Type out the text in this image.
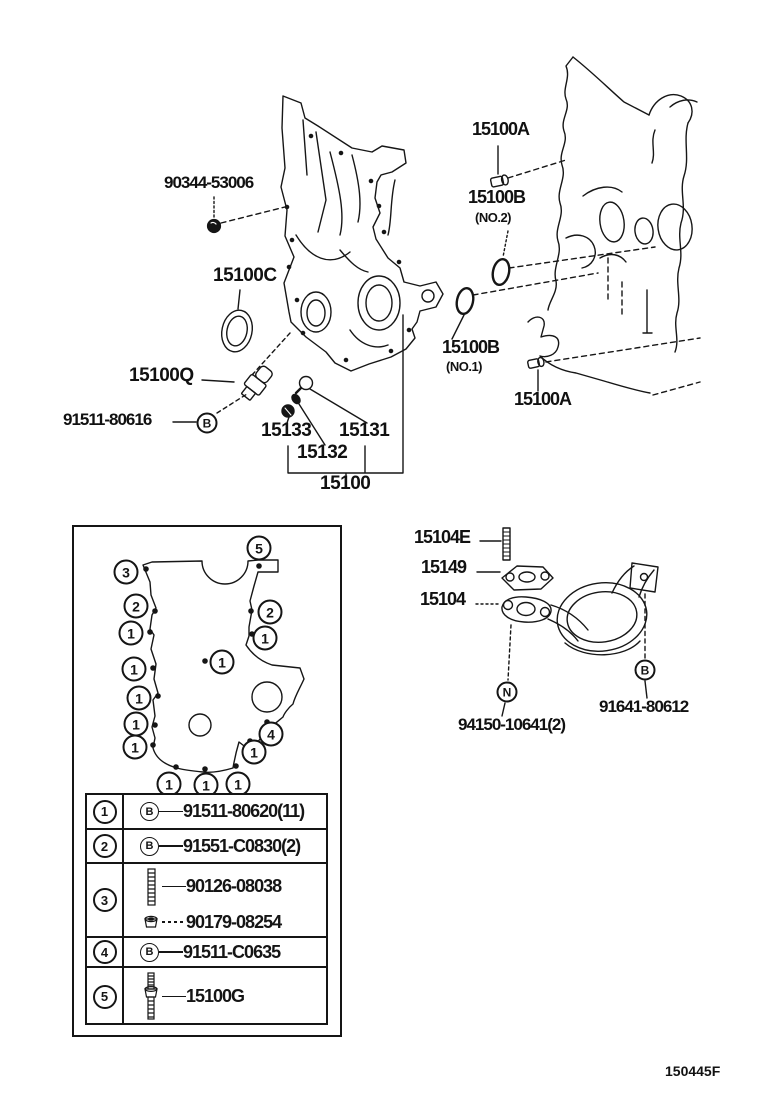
90344-53006
15100C
15100Q
91511-80616
15133 15131
15132
15100
15100A
15100B
(NO.2)
15100B
(NO.1)
15100A
15104E
15149
15104
94150-10641(2)
91641-80612
150445F
B
N
B
3
5
2	2
1	1
1
1
1
1
1
4
1
1	1	1
1	B 91511-80620(11)
2	B 91551-C0830(2)
3
90126-08038
90179-08254
4	B 91511-C0635
5	15100G
